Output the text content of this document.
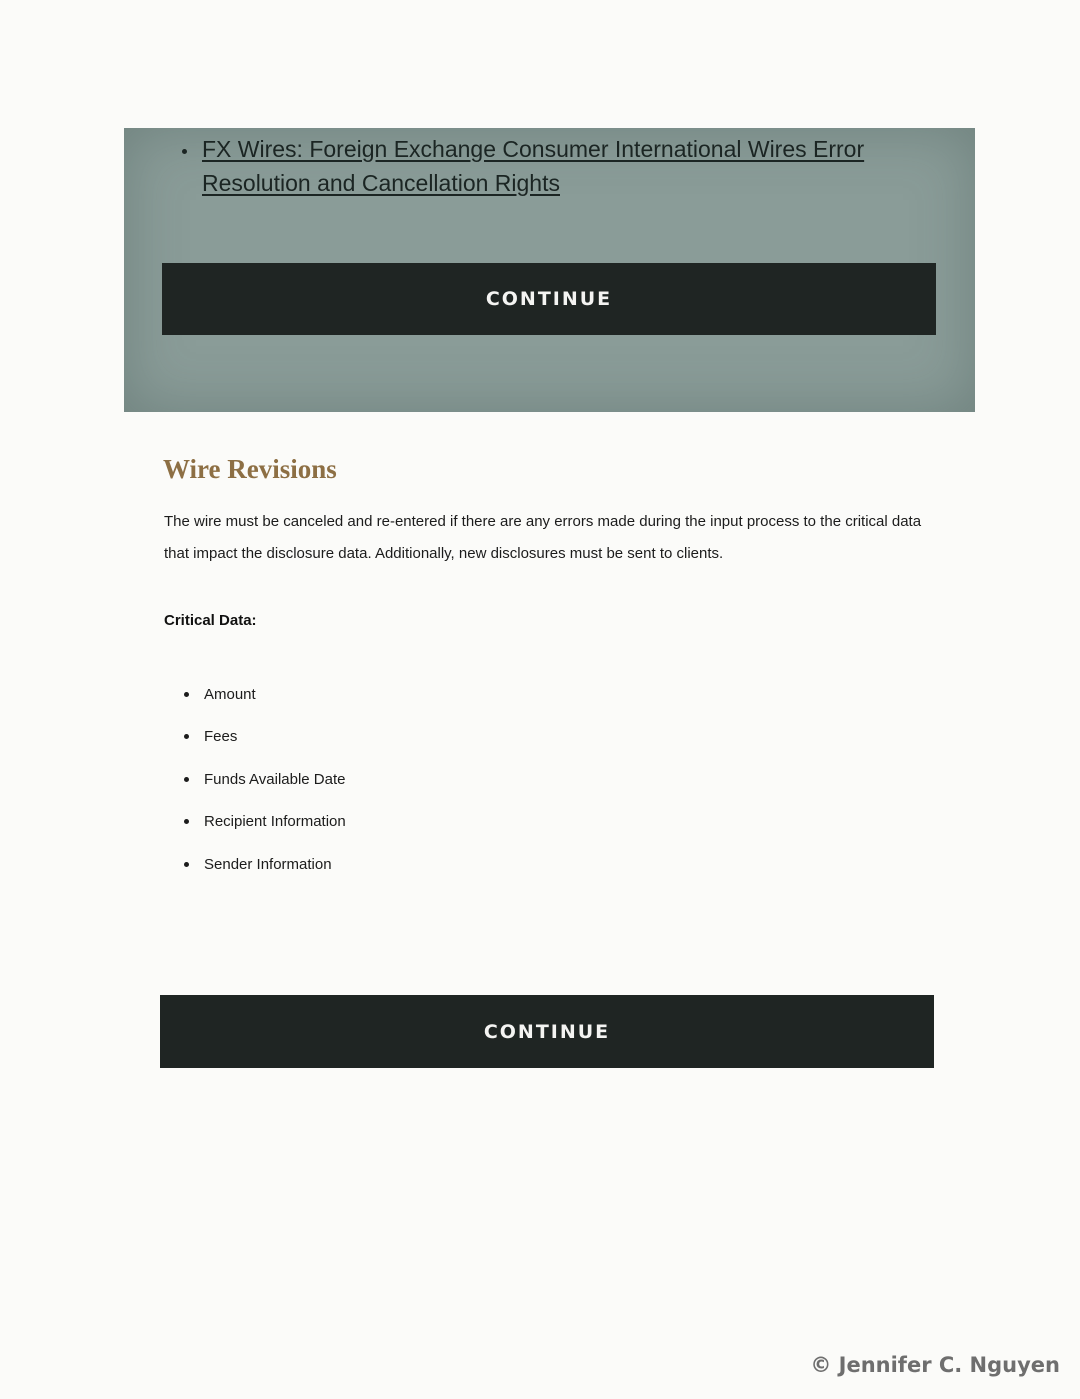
FX Wires: Foreign Exchange Consumer International Wires Error Resolution and Cancellation Rights
CONTINUE
Wire Revisions

The wire must be canceled and re-entered if there are any errors made during the input process to the critical data that impact the disclosure data. Additionally, new disclosures must be sent to clients.

Critical Data:

Amount
Fees
Funds Available Date
Recipient Information
Sender Information
CONTINUE
© Jennifer C. Nguyen
